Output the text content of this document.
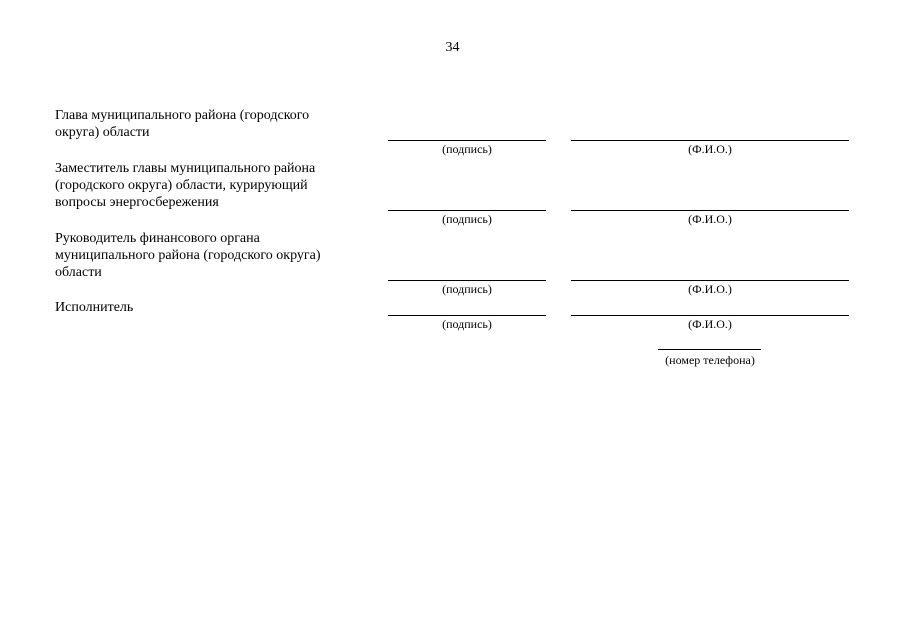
34
Глава муниципального района (городского
округа) области
(подпись)	(Ф.И.О.)
Заместитель главы муниципального района
(городского округа) области, курирующий
вопросы энергосбережения
(подпись)	(Ф.И.О.)
Руководитель финансового органа
муниципального района (городского округа)
области
(подпись)	(Ф.И.О.)
Исполнитель
(подпись)	(Ф.И.О.)
(номер телефона)
